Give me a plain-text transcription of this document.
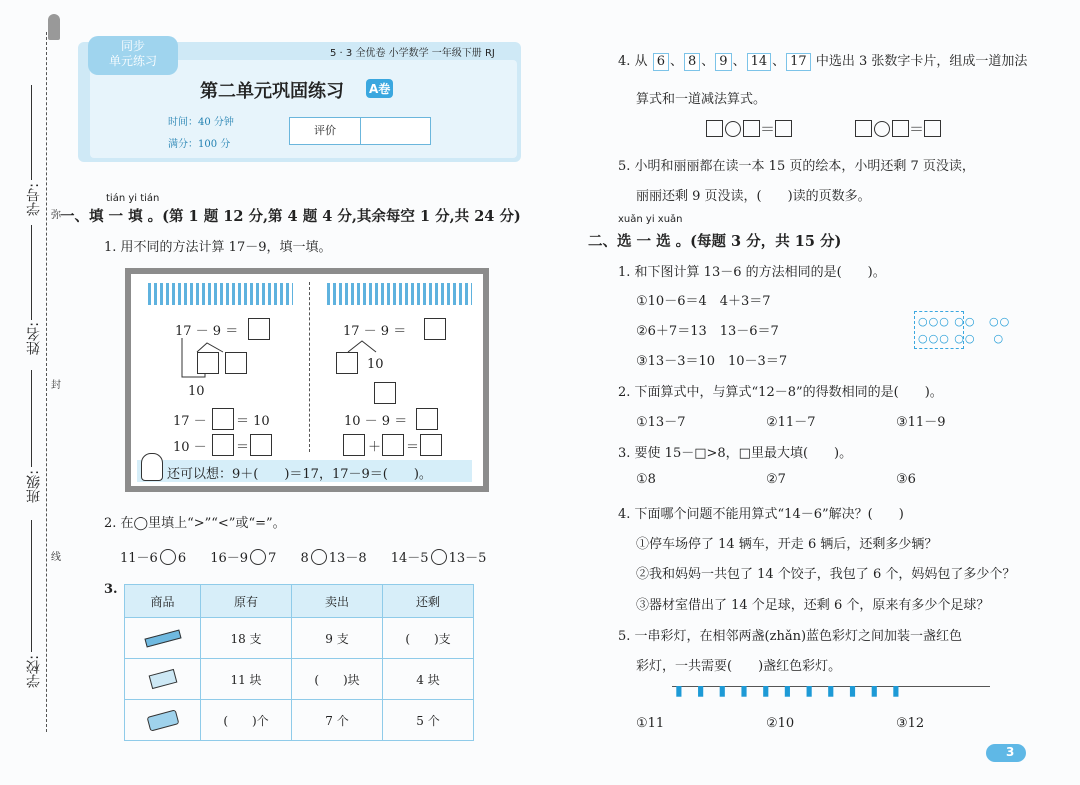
学号:
姓名:
班级:
学校:
弥
封
线
同步
单元练习
5 · 3 全优卷 小学数学 一年级下册 RJ
第二单元巩固练习 A卷
时间：40 分钟
满分：100 分
评价
tián yi tián
一、填 一 填 。(第 1 题 12 分,第 4 题 4 分,其余每空 1 分,共 24 分)
1. 用不同的方法计算 17－9，填一填。
17 － 9 ＝
10
17 － ＝ 10
10 － ＝
17 － 9 ＝
10
10 － 9 ＝
＋ ＝
还可以想：9＋(　　)＝17，17－9＝(　　)。
2. 在◯里填上“>”“<”或“=”。
11－6 6 16－9 7 8 13－8 14－5 13－5
3.
商品	原有	卖出	还剩

	18 支	9 支	(　　)支

	11 块	(　　)块	4 块

	(　　)个	7 个	5 个
4. 从 6 、 8 、 9 、 14 、 17 中选出 3 张数字卡片，组成一道加法
算式和一道减法算式。
＝	＝
5. 小明和丽丽都在读一本 15 页的绘本，小明还剩 7 页没读，
丽丽还剩 9 页没读，(　　)读的页数多。
xuǎn yi xuǎn
二、选 一 选 。(每题 3 分，共 15 分)
1. 和下图计算 13－6 的方法相同的是(　　)。
①10－6＝4　4＋3＝7
②6＋7＝13　13－6＝7
③13－3＝10　10－3＝7
○○○ ○○   ○○
○○○ ○○    ○
2. 下面算式中，与算式“12－8”的得数相同的是(　　)。
①13－7	②11－7	③11－9
3. 要使 15－□>8，□里最大填(　　)。
①8	②7	③6
4. 下面哪个问题不能用算式“14－6”解决？(　　)
①停车场停了 14 辆车，开走 6 辆后，还剩多少辆？
②我和妈妈一共包了 14 个饺子，我包了 6 个，妈妈包了多少个？
③器材室借出了 14 个足球，还剩 6 个，原来有多少个足球？
5. 一串彩灯，在相邻两盏(zhǎn)蓝色彩灯之间加装一盏红色
彩灯，一共需要(　　)盏红色彩灯。
▮▮▮▮▮▮▮▮▮▮▮
①11	②10	③12
3
